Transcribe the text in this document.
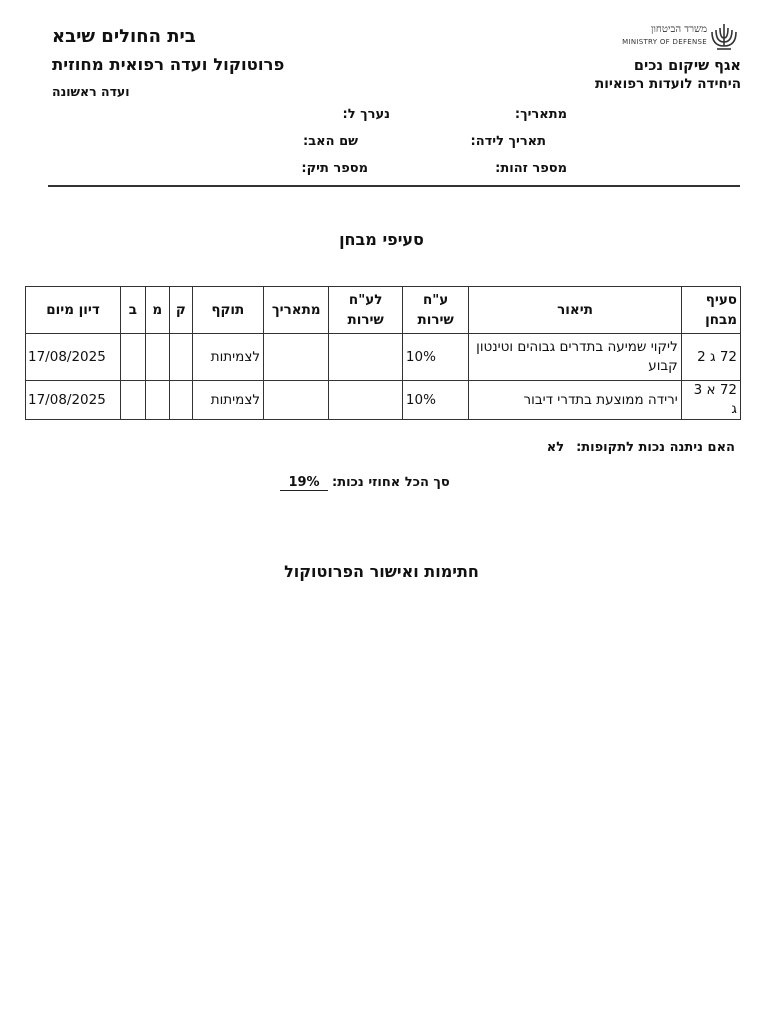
משרד הביטחון
MINISTRY OF DEFENSE
אגף שיקום נכים
היחידה לועדות רפואיות
בית החולים שיבא
פרוטוקול ועדה רפואית מחוזית
ועדה ראשונה
מתאריך:
נערך ל:
תאריך לידה:
שם האב:
מספר זהות:
מספר תיק:
סעיפי מבחן
סעיף מבחן	תיאור	ע"ח שירות	לע"ח שירות	מתאריך	תוקף	ק	מ	ב	דיון מיום
72 ג 2	ליקוי שמיעה בתדרים גבוהים וטינטון קבוע	10%			לצמיתות				17/08/2025
72 א 3 ג	ירידה ממוצעת בתדרי דיבור	10%			לצמיתות				17/08/2025
האם ניתנה נכות לתקופות:לא
סך הכל אחוזי נכות:19%
חתימות ואישור הפרוטוקול
